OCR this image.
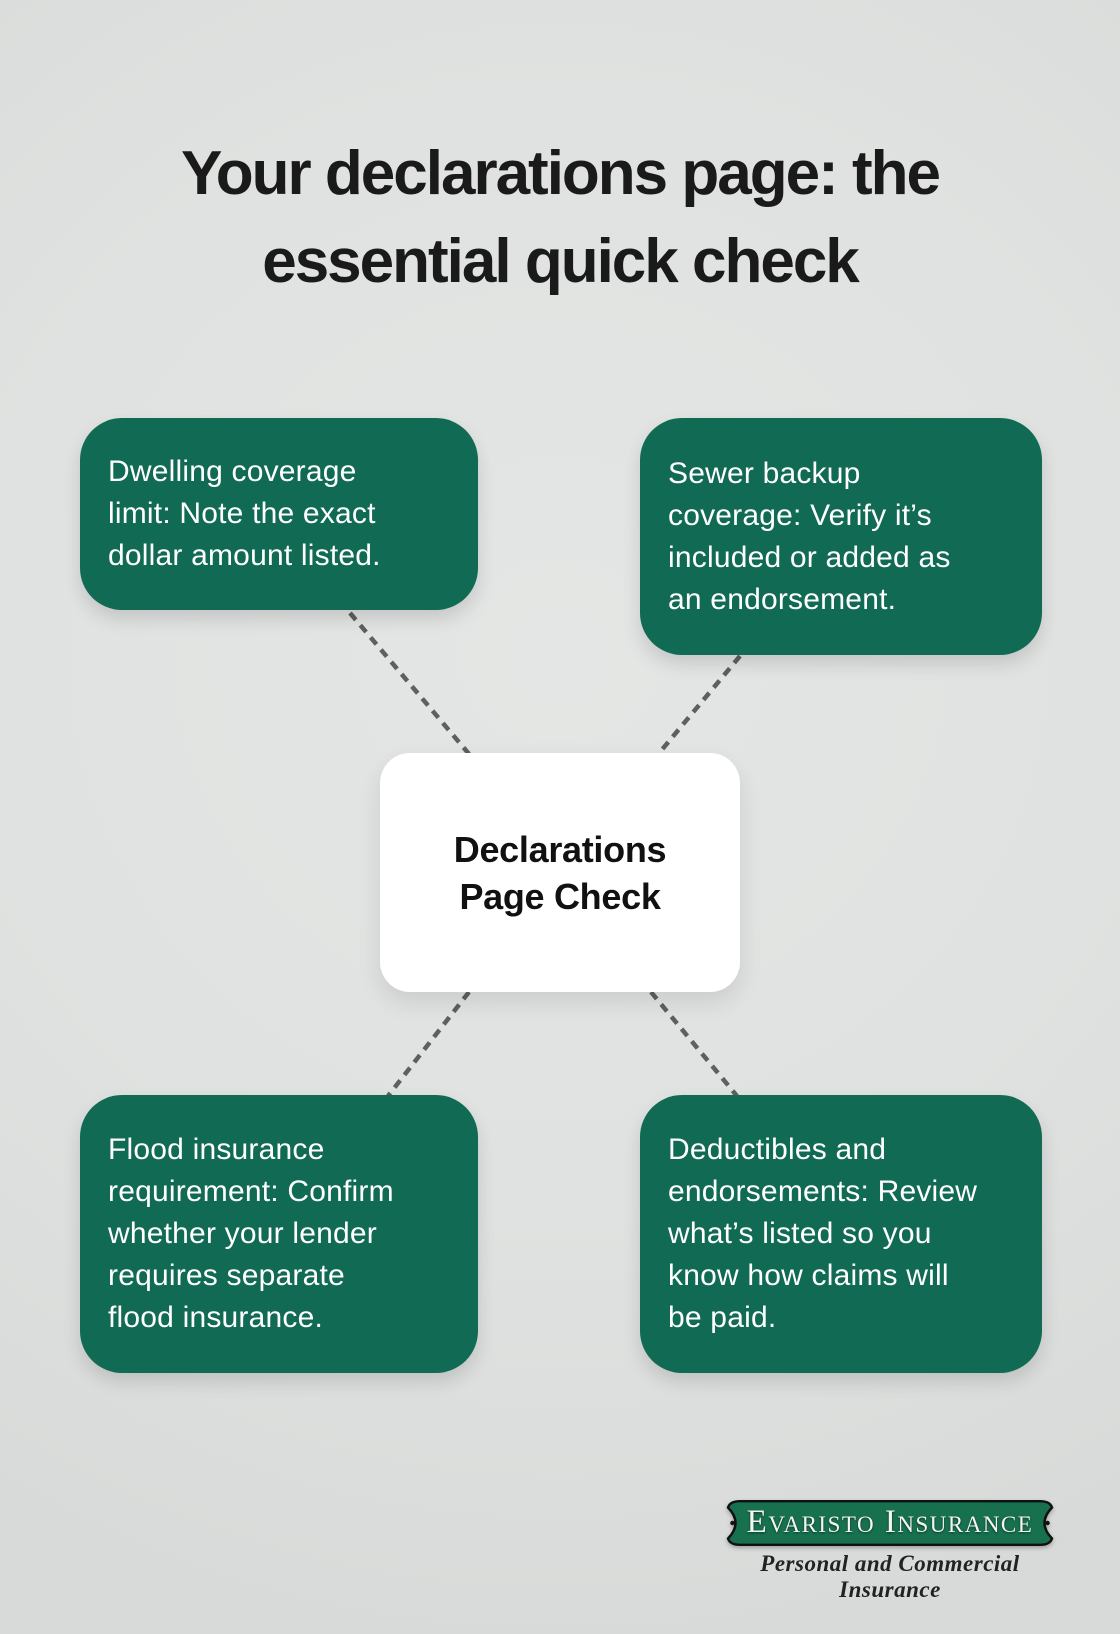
Your declarations page: the
essential quick check
Dwelling coverage
limit: Note the exact
dollar amount listed.
Sewer backup
coverage: Verify it’s
included or added as
an endorsement.
Flood insurance
requirement: Confirm
whether your lender
requires separate
flood insurance.
Deductibles and
endorsements: Review
what’s listed so you
know how claims will
be paid.
Declarations
Page Check
Evaristo Insurance
Personal and Commercial Insurance
